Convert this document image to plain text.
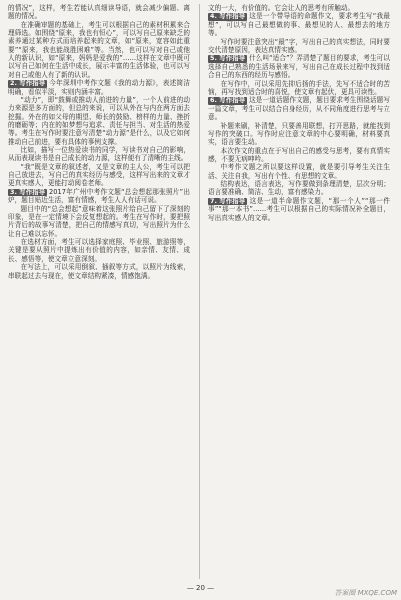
的情况”，这样，考生若能认真细读导语，就会减少偏题、离题的情况。

在准确审题的基础上，考生可以根据自己的素材积累来合理筛选。如围绕“原来，我也有恒心”，可以写自己原来缺乏的素养通过某种方式而培养起来的文章，如“原来，宽容如此重要”“原来，我也能战胜困难”等。当然，也可以写对自己或他人的新认识，如“原来，妈妈是爱我的”……这样在文章中既可以写自己如何在生活中成长，展示丰富的生活体验，也可以写对自己或他人有了新的认识。

2. 写作指导 今年深圳中考作文题《我的动力源》，表述简洁明确，看似平淡，实则内涵丰富。

“动力”，即“鼓舞或推动人前进的力量”，一个人前进的动力来源是多方面的，但总的来说，可以从外在与内在两方面去挖掘。外在的如父母的期望、师长的鼓励、榜样的力量、挫折的磨砺等；内在的如梦想与追求、责任与担当、对生活的热爱等。考生在写作时要注意写清楚“动力源”是什么，以及它如何推动自己前进，要有具体的事例支撑。

比如，描写一位热爱读书的同学，写读书对自己的影响，从而表现读书是自己成长的动力源，这样便有了清晰的主线。

“我”既是文章的叙述者，又是文章的主人公，考生可以把自己放进去，写自己的真实经历与感受，这样写出来的文章才更真实感人，更能打动阅卷老师。

3. 写作指导 2017年广州中考作文题“总会想起那张照片”出炉，题目贴近生活，富有情感，考生人人有话可说。

题目中的“总会想起”意味着这张照片给自己留下了深刻的印象，是在一定情境下会反复想起的。考生在写作时，要把照片背后的故事写清楚，把自己的情感写真切，写出照片为什么让自己难以忘怀。

在选材方面，考生可以选择家庭照、毕业照、旅游照等，关键是要从照片中提炼出有价值的内容，如亲情、友情、成长、感悟等，使文章立意深刻。

在写法上，可以采用倒叙、插叙等方式，以照片为线索，串联起过去与现在，使文章结构紧凑，情感饱满。

文的一大，有价值的。它会让人的思考有所触动。

4. 写作指导 这是一个带导语的命题作文，要求考生写“我最想”，可以写自己最想做的事、最想见的人、最想去的地方等。

写作时要注意突出“最”字，写出自己的真实想法，同时要交代清楚原因，表达真情实感。

5. 写作指导 什么叫“适合”？弄清楚了题目的要求，考生可以选择自己熟悉的生活场景来写，写出自己在成长过程中找到适合自己的东西的经历与感悟。

在写作中，可以采用先抑后扬的手法，先写不适合时的苦恼，再写找到适合时的喜悦，使文章有起伏，更具可读性。

6. 写作指导 这是一道话题作文题，题目要求考生围绕话题写一篇文章，考生可以结合自身经历，从不同角度进行思考与立意。

补题来刷，补清楚，只要善用联想，打开思路，就能找到写作的突破口。写作时应注意文章的中心要明确，材料要真实，语言要生动。

本次作文的重点在于写出自己的感受与思考，要有真情实感，不要无病呻吟。

中考作文题之所以要这样设置，就是要引导考生关注生活、关注自我，写出有个性、有思想的文章。

结构表达，语言表达，写作要做到条理清楚，层次分明；语言要准确、简洁、生动，富有感染力。

7. 写作指导 这是一道半命题作文题，“那一个人”“那一件事”“那一本书”……考生可以根据自己的实际情况补全题目，写出真实感人的文章。

— 20 —
答案圈 MXQE.COM
